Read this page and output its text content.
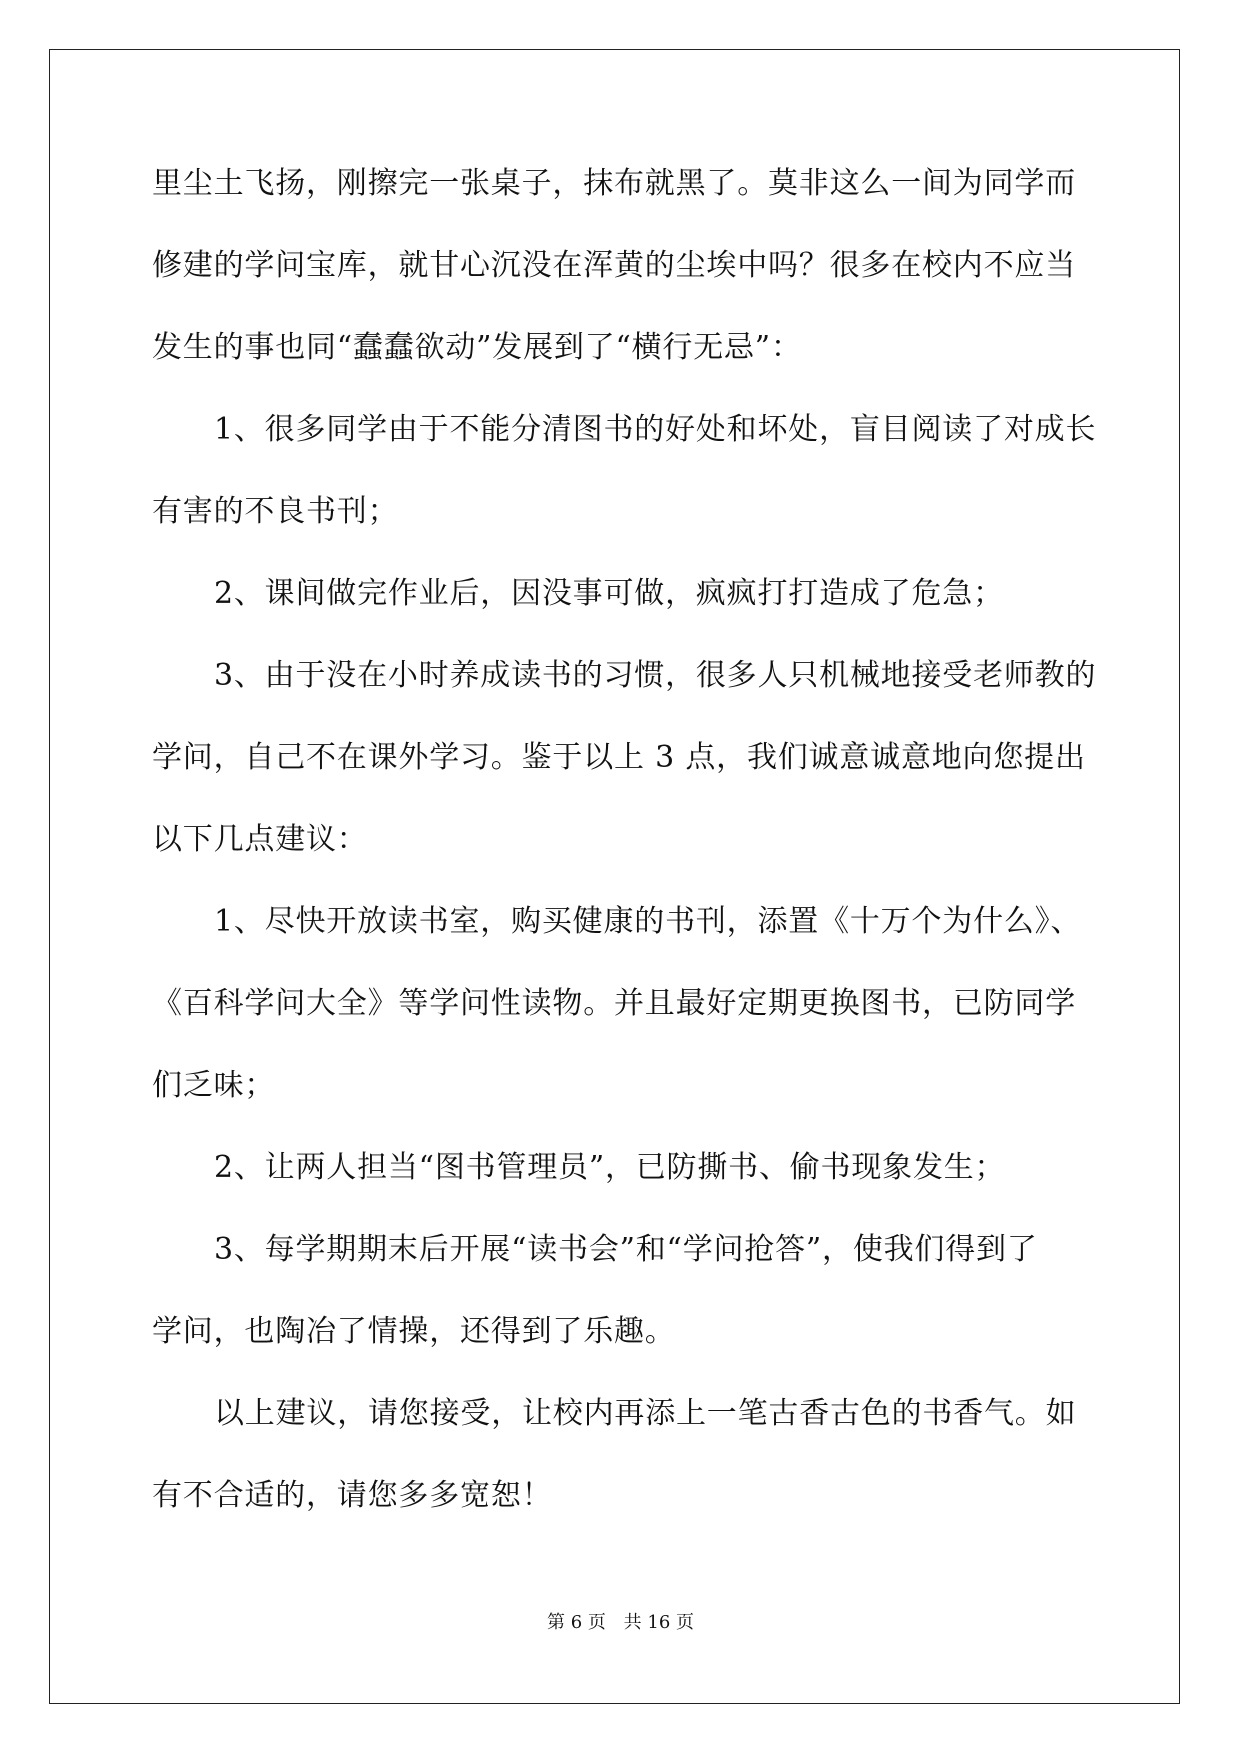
里尘土飞扬，刚擦完一张桌子，抹布就黑了。莫非这么一间为同学而
修建的学问宝库，就甘心沉没在浑黄的尘埃中吗？很多在校内不应当
发生的事也同“蠢蠢欲动”发展到了“横行无忌”：
1、很多同学由于不能分清图书的好处和坏处，盲目阅读了对成长
有害的不良书刊；
2、课间做完作业后，因没事可做，疯疯打打造成了危急；
3、由于没在小时养成读书的习惯，很多人只机械地接受老师教的
学问，自己不在课外学习。鉴于以上 3 点，我们诚意诚意地向您提出
以下几点建议：
1、尽快开放读书室，购买健康的书刊，添置《十万个为什么》、
《百科学问大全》等学问性读物。并且最好定期更换图书，已防同学
们乏味；
2、让两人担当“图书管理员”，已防撕书、偷书现象发生；
3、每学期期末后开展“读书会”和“学问抢答”，使我们得到了
学问，也陶冶了情操，还得到了乐趣。
以上建议，请您接受，让校内再添上一笔古香古色的书香气。如
有不合适的，请您多多宽恕！
第 6 页 共 16 页
